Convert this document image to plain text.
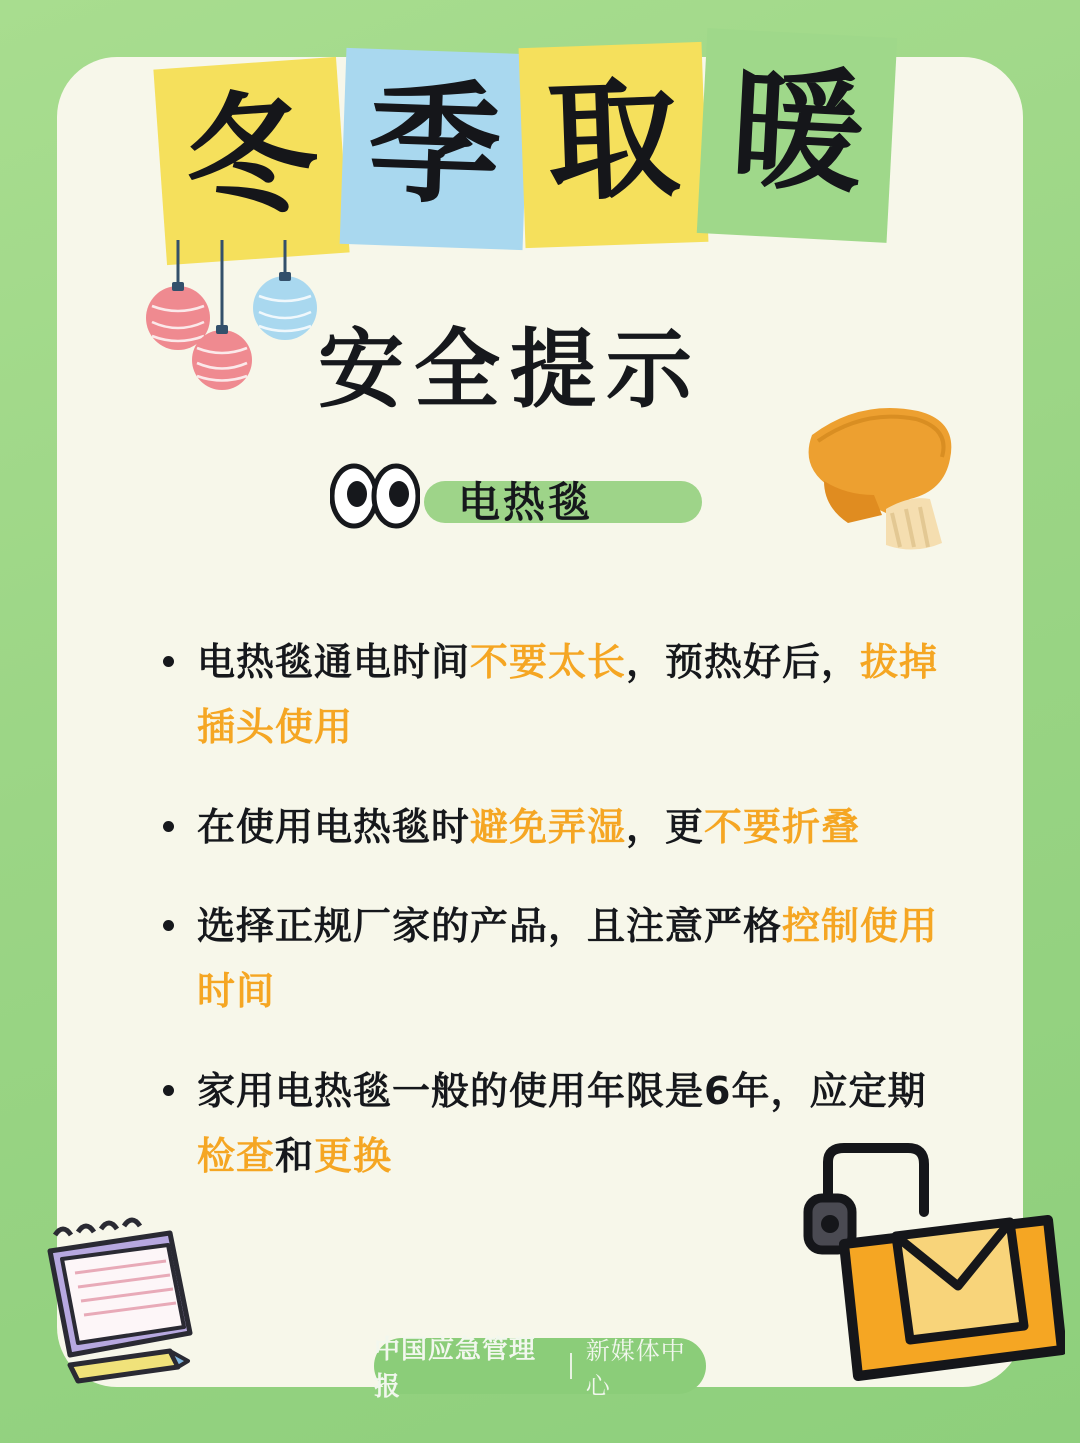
冬 季 取 暖
安全提示
电热毯
电热毯通电时间不要太长，预热好后，拔掉插头使用
在使用电热毯时避免弄湿，更不要折叠
选择正规厂家的产品，且注意严格控制使用时间
家用电热毯一般的使用年限是6年，应定期检查和更换
中国应急管理报
新媒体中心
